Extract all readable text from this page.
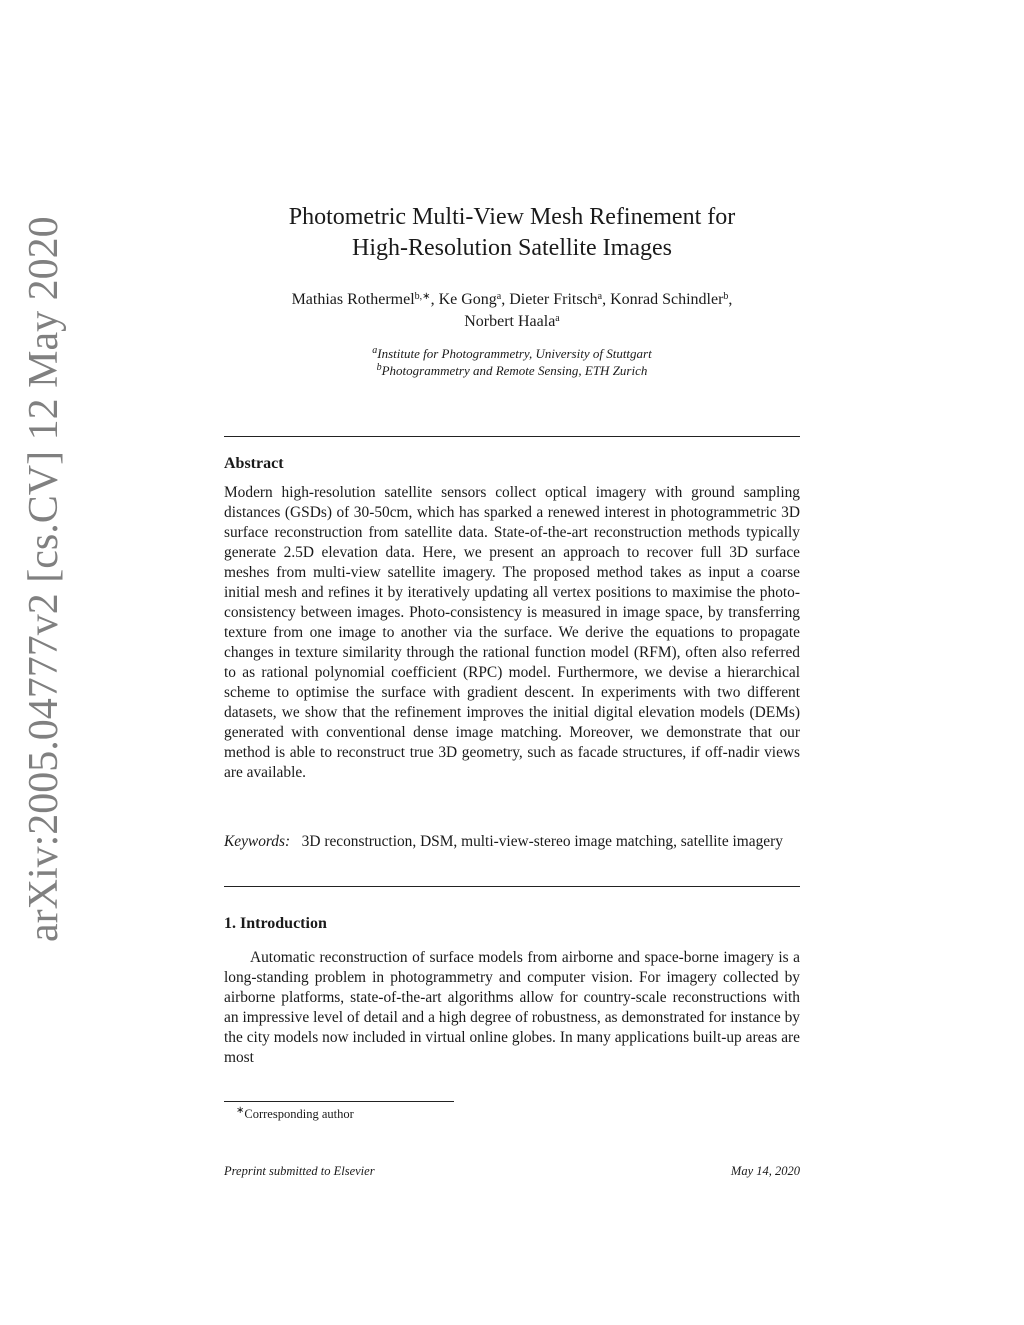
arXiv:2005.04777v2 [cs.CV] 12 May 2020	Photometric Multi-View Mesh Refinement for
High-Resolution Satellite Images
Mathias Rothermel$^{b,∗}$, Ke Gong$^a$, Dieter Fritsch$^a$, Konrad Schindler$^b$,
Norbert Haala$^a$
$^a$Institute for Photogrammetry, University of Stuttgart
$^b$Photogrammetry and Remote Sensing, ETH Zurich
Abstract
Modern high-resolution satellite sensors collect optical imagery with ground sampling distances (GSDs) of 30-50cm, which has sparked a renewed interest in photogrammetric 3D surface reconstruction from satellite data. State-of-the-art reconstruction methods typically generate 2.5D elevation data. Here, we present an approach to recover full 3D surface meshes from multi-view satellite imagery. The proposed method takes as input a coarse initial mesh and refines it by iteratively updating all vertex positions to maximise the photo-consistency between images. Photo-consistency is measured in image space, by transferring texture from one image to another via the surface. We derive the equations to propagate changes in texture similarity through the rational function model (RFM), often also referred to as rational polynomial coefficient (RPC) model. Furthermore, we devise a hierarchical scheme to optimise the surface with gradient descent. In experiments with two different datasets, we show that the refinement improves the initial digital elevation models (DEMs) generated with conventional dense image matching. Moreover, we demonstrate that our method is able to reconstruct true 3D geometry, such as facade structures, if off-nadir views are available.
Keywords: 3D reconstruction, DSM, multi-view-stereo image matching, satellite imagery
1. Introduction
Automatic reconstruction of surface models from airborne and space-borne imagery is a long-standing problem in photogrammetry and computer vision. For imagery collected by airborne platforms, state-of-the-art algorithms allow for country-scale reconstructions with an impressive level of detail and a high degree of robustness, as demonstrated for instance by the city models now included in virtual online globes. In many applications built-up areas are most
∗Corresponding author
Preprint submitted to Elsevier	May 14, 2020
